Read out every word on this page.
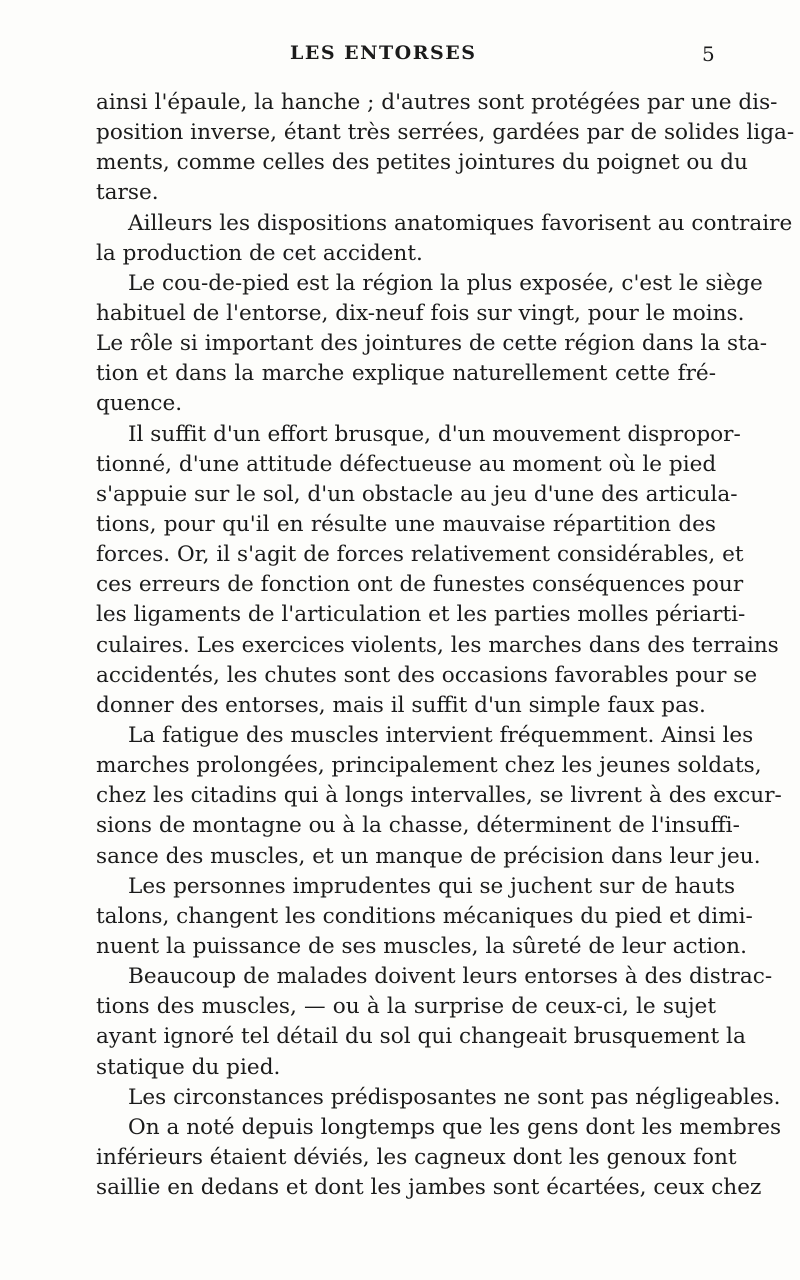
LES ENTORSES	5
ainsi l'épaule, la hanche ; d'autres sont protégées par une dis-
position inverse, étant très serrées, gardées par de solides liga-
ments, comme celles des petites jointures du poignet ou du
tarse.
Ailleurs les dispositions anatomiques favorisent au contraire
la production de cet accident.
Le cou-de-pied est la région la plus exposée, c'est le siège
habituel de l'entorse, dix-neuf fois sur vingt, pour le moins.
Le rôle si important des jointures de cette région dans la sta-
tion et dans la marche explique naturellement cette fré-
quence.
Il suffit d'un effort brusque, d'un mouvement dispropor-
tionné, d'une attitude défectueuse au moment où le pied
s'appuie sur le sol, d'un obstacle au jeu d'une des articula-
tions, pour qu'il en résulte une mauvaise répartition des
forces. Or, il s'agit de forces relativement considérables, et
ces erreurs de fonction ont de funestes conséquences pour
les ligaments de l'articulation et les parties molles périarti-
culaires. Les exercices violents, les marches dans des terrains
accidentés, les chutes sont des occasions favorables pour se
donner des entorses, mais il suffit d'un simple faux pas.
La fatigue des muscles intervient fréquemment. Ainsi les
marches prolongées, principalement chez les jeunes soldats,
chez les citadins qui à longs intervalles, se livrent à des excur-
sions de montagne ou à la chasse, déterminent de l'insuffi-
sance des muscles, et un manque de précision dans leur jeu.
Les personnes imprudentes qui se juchent sur de hauts
talons, changent les conditions mécaniques du pied et dimi-
nuent la puissance de ses muscles, la sûreté de leur action.
Beaucoup de malades doivent leurs entorses à des distrac-
tions des muscles, — ou à la surprise de ceux-ci, le sujet
ayant ignoré tel détail du sol qui changeait brusquement la
statique du pied.
Les circonstances prédisposantes ne sont pas négligeables.
On a noté depuis longtemps que les gens dont les membres
inférieurs étaient déviés, les cagneux dont les genoux font
saillie en dedans et dont les jambes sont écartées, ceux chez
